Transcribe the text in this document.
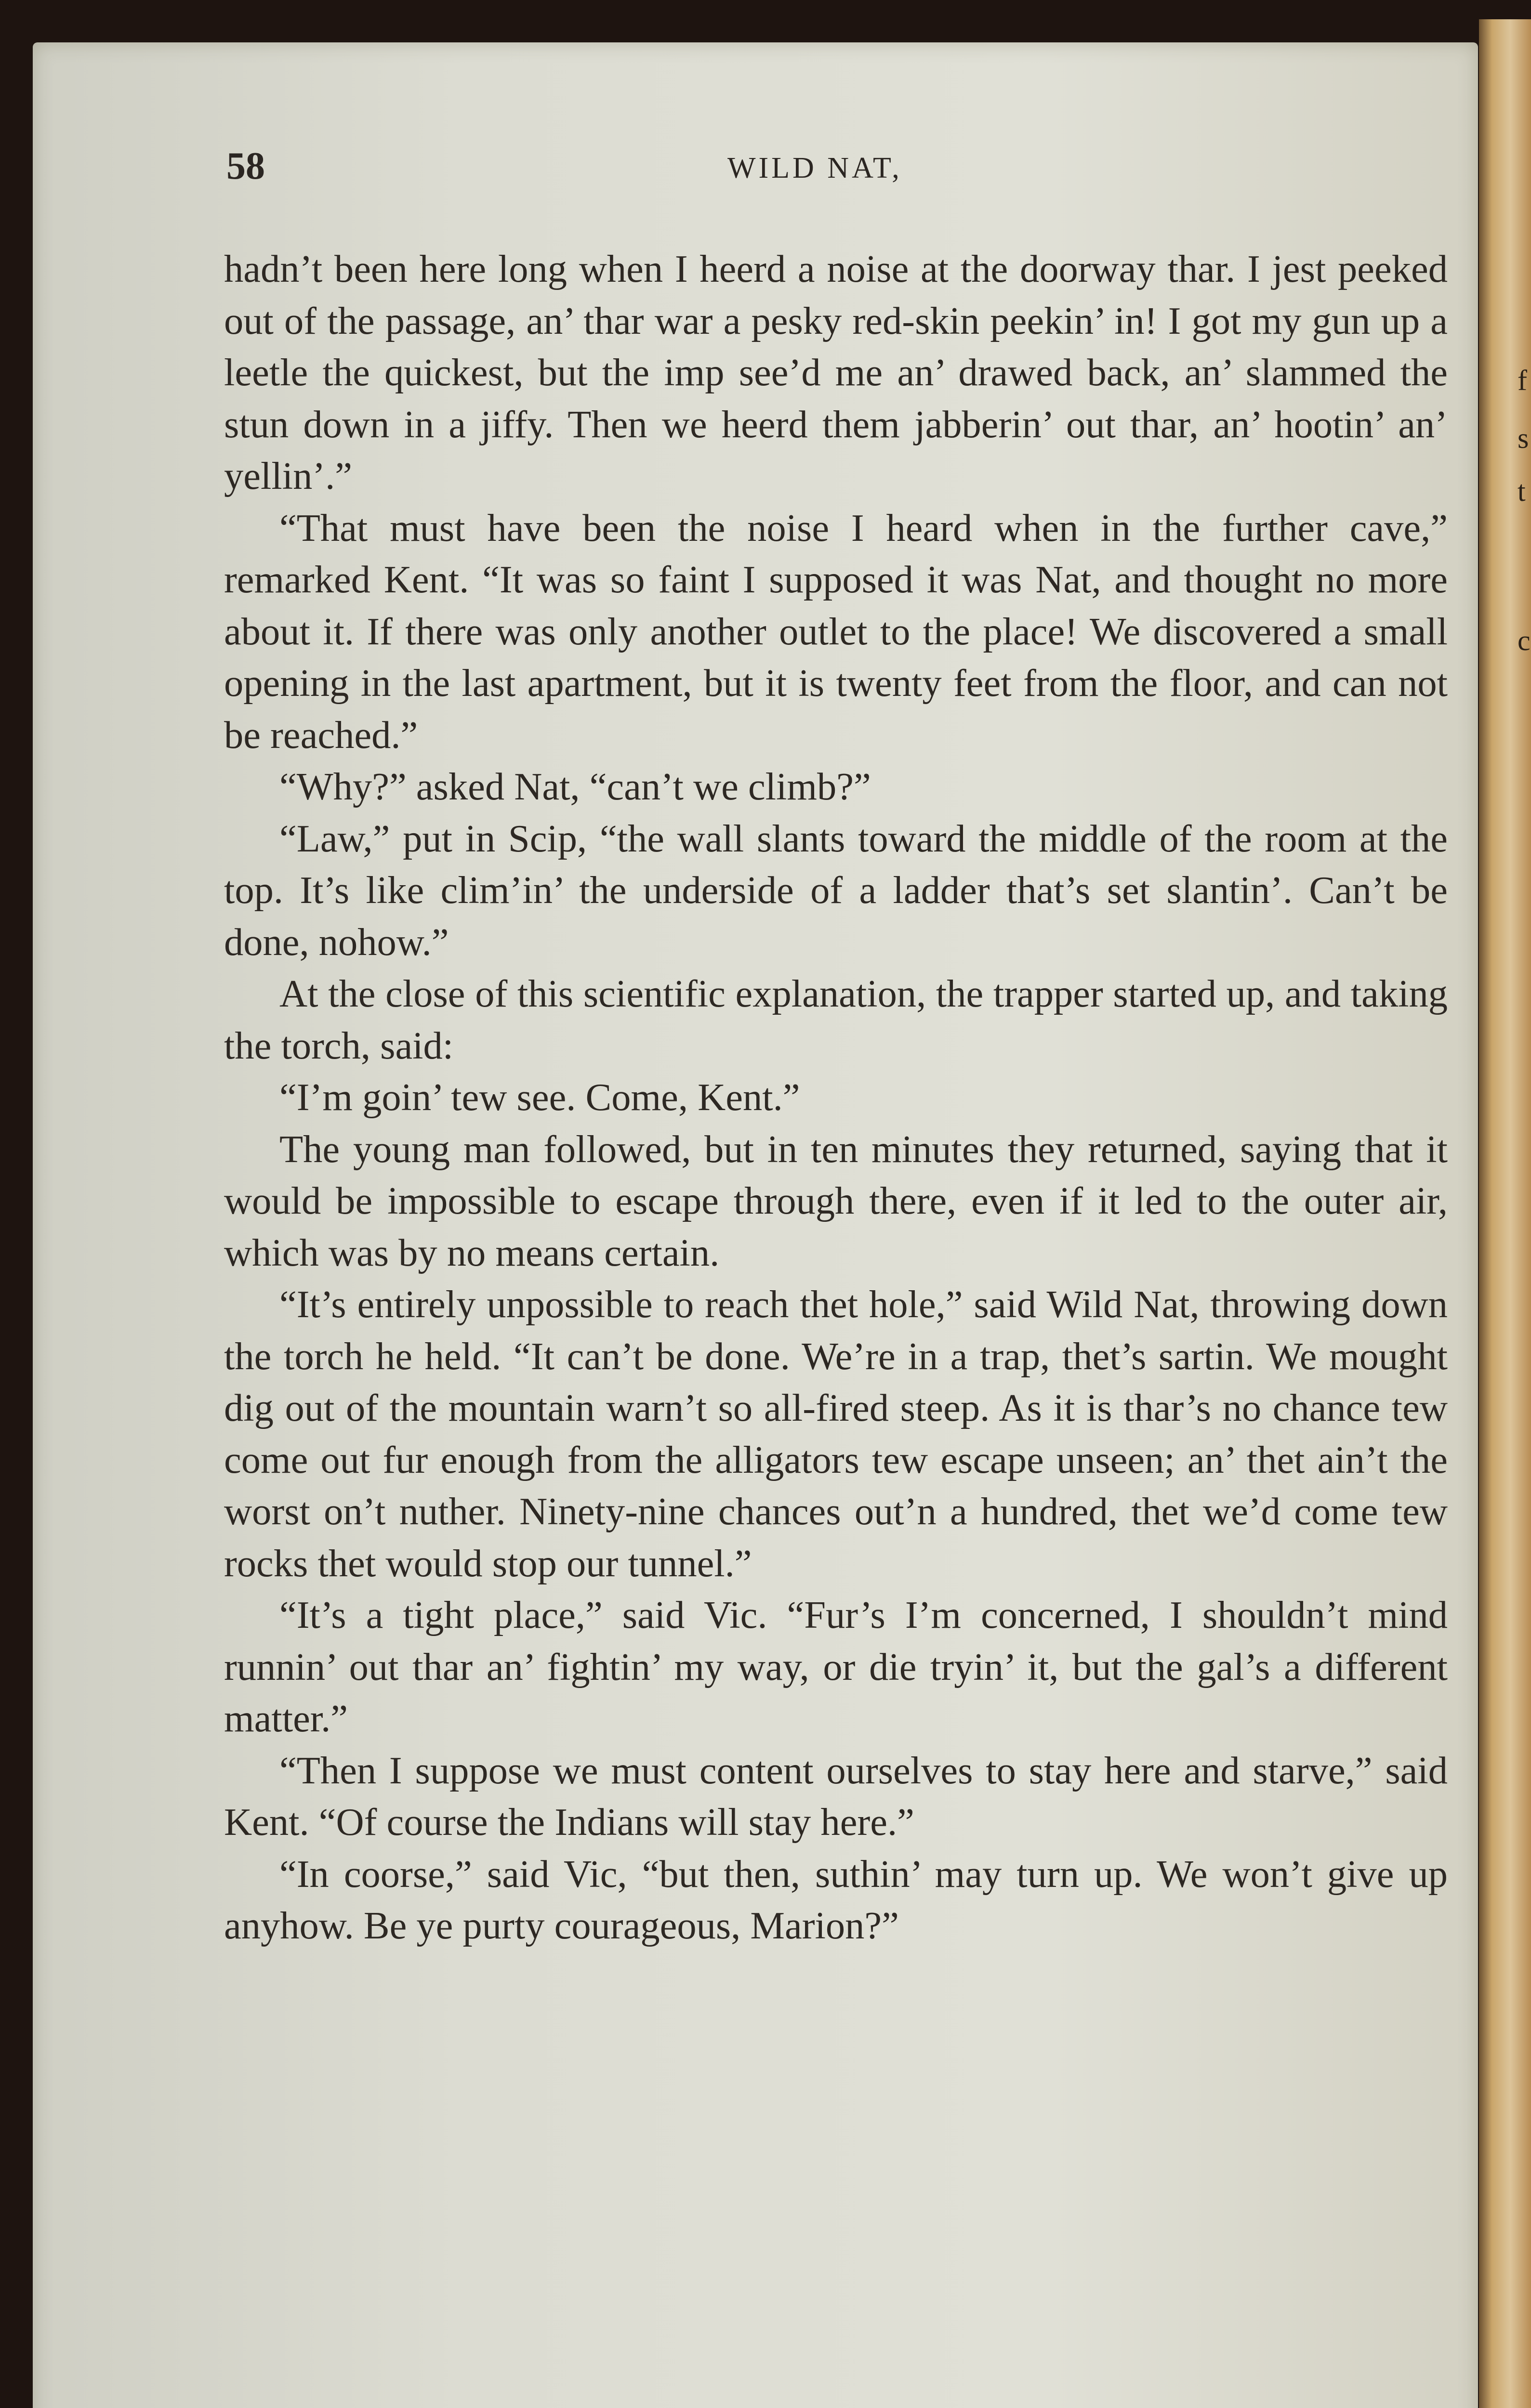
f
s
t
c
58	WILD NAT,

hadn’t been here long when I heerd a noise at the doorway thar. I jest peeked out of the passage, an’ thar war a pesky red-skin peekin’ in! I got my gun up a leetle the quickest, but the imp see’d me an’ drawed back, an’ slammed the stun down in a jiffy. Then we heerd them jabberin’ out thar, an’ hootin’ an’ yellin’.”

“That must have been the noise I heard when in the further cave,” remarked Kent. “It was so faint I supposed it was Nat, and thought no more about it. If there was only another outlet to the place! We discovered a small opening in the last apartment, but it is twenty feet from the floor, and can not be reached.”

“Why?” asked Nat, “can’t we climb?”

“Law,” put in Scip, “the wall slants toward the middle of the room at the top. It’s like clim’in’ the underside of a ladder that’s set slantin’. Can’t be done, nohow.”

At the close of this scientific explanation, the trapper started up, and taking the torch, said:

“I’m goin’ tew see. Come, Kent.”

The young man followed, but in ten minutes they returned, saying that it would be impossible to escape through there, even if it led to the outer air, which was by no means certain.

“It’s entirely unpossible to reach thet hole,” said Wild Nat, throwing down the torch he held. “It can’t be done. We’re in a trap, thet’s sartin. We mought dig out of the mountain warn’t so all-fired steep. As it is thar’s no chance tew come out fur enough from the alligators tew escape unseen; an’ thet ain’t the worst on’t nuther. Ninety-nine chances out’n a hundred, thet we’d come tew rocks thet would stop our tunnel.”

“It’s a tight place,” said Vic. “Fur’s I’m concerned, I shouldn’t mind runnin’ out thar an’ fightin’ my way, or die tryin’ it, but the gal’s a different matter.”

“Then I suppose we must content ourselves to stay here and starve,” said Kent. “Of course the Indians will stay here.”

“In coorse,” said Vic, “but then, suthin’ may turn up. We won’t give up anyhow. Be ye purty courageous, Marion?”
